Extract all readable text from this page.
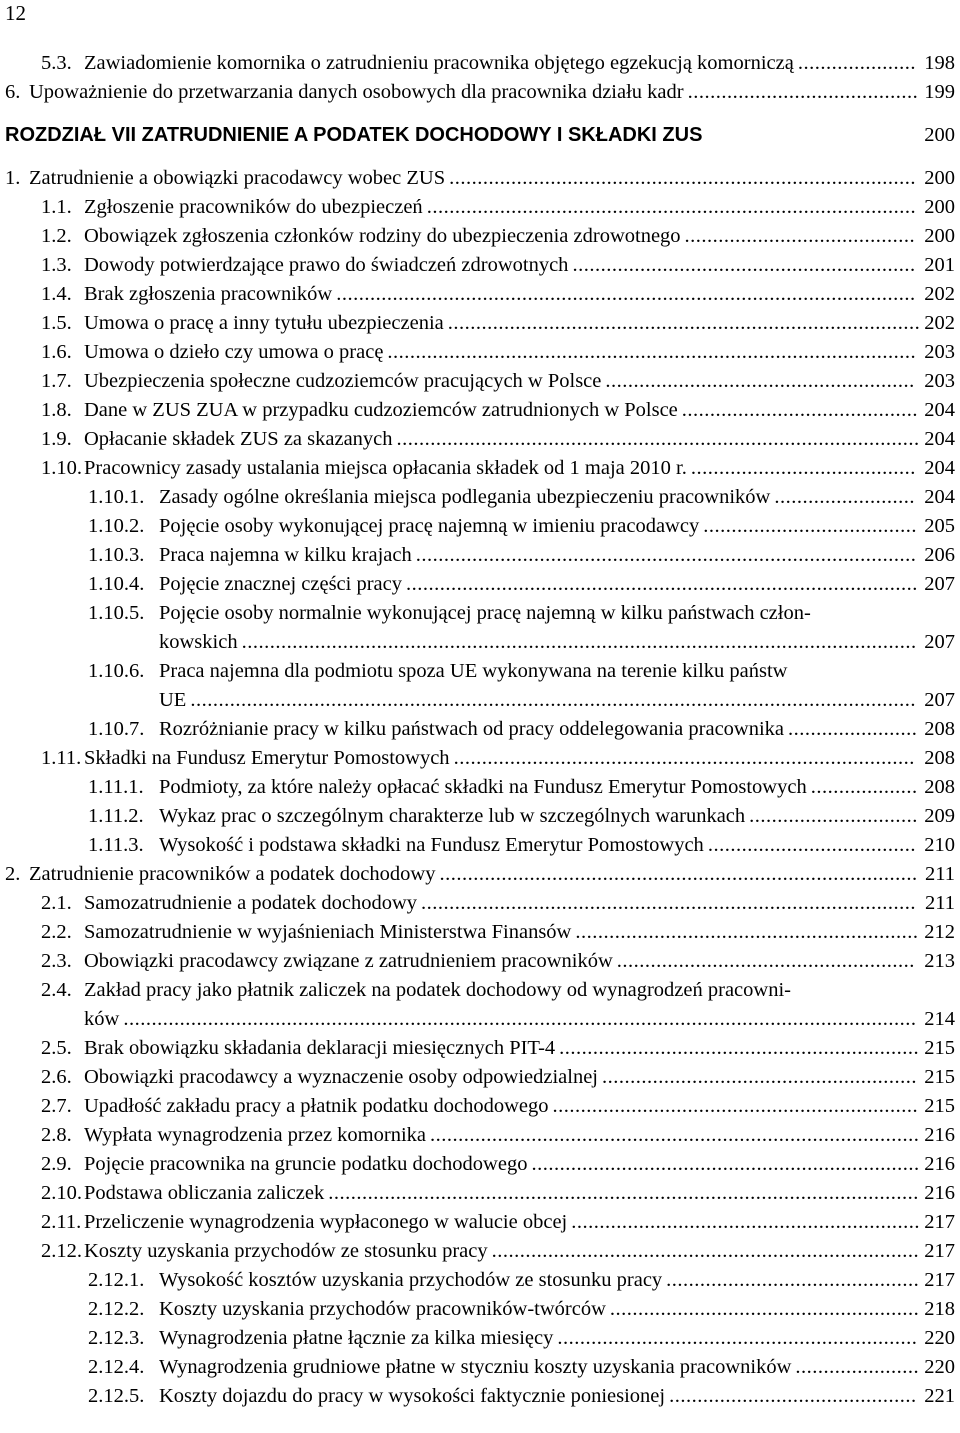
12
5.3. Zawiadomienie komornika o zatrudnieniu pracownika objętego egzekucją komorniczą	198
.....................
6. Upoważnienie do przetwarzania danych osobowych dla pracownika działu kadr	199
.........................................
ROZDZIAŁ VII ZATRUDNIENIE A PODATEK DOCHODOWY I SKŁADKI ZUS	200
1. Zatrudnienie a obowiązki pracodawcy wobec ZUS	200
...................................................................................
1.1. Zgłoszenie pracowników do ubezpieczeń	200
.......................................................................................
1.2. Obowiązek zgłoszenia członków rodziny do ubezpieczenia zdrowotnego	200
.........................................
1.3. Dowody potwierdzające prawo do świadczeń zdrowotnych	201
.............................................................
1.4. Brak zgłoszenia pracowników	202
.......................................................................................................
1.5. Umowa o pracę a inny tytułu ubezpieczenia	202
....................................................................................
1.6. Umowa o dzieło czy umowa o pracę	203
..............................................................................................
1.7. Ubezpieczenia społeczne cudzoziemców pracujących w Polsce	203
.......................................................
1.8. Dane w ZUS ZUA w przypadku cudzoziemców zatrudnionych w Polsce	204
..........................................
1.9. Opłacanie składek ZUS za skazanych	204
.............................................................................................
1.10. Pracownicy zasady ustalania miejsca opłacania składek od 1 maja 2010 r.	204
........................................
1.10.1. Zasady ogólne określania miejsca podlegania ubezpieczeniu pracowników	204
.........................
1.10.2. Pojęcie osoby wykonującej pracę najemną w imieniu pracodawcy	205
......................................
1.10.3. Praca najemna w kilku krajach	206
.........................................................................................
1.10.4. Pojęcie znacznej części pracy	207
...........................................................................................
1.10.5. Pojęcie osoby normalnie wykonującej pracę najemną w kilku państwach człon-
kowskich	207
........................................................................................................................
1.10.6. Praca najemna dla podmiotu spoza UE wykonywana na terenie kilku państw
UE	207
.................................................................................................................................
1.10.7. Rozróżnianie pracy w kilku państwach od pracy oddelegowania pracownika	208
.......................
1.11. Składki na Fundusz Emerytur Pomostowych	208
..................................................................................
1.11.1. Podmioty, za które należy opłacać składki na Fundusz Emerytur Pomostowych	208
...................
1.11.2. Wykaz prac o szczególnym charakterze lub w szczególnych warunkach	209
..............................
1.11.3. Wysokość i podstawa składki na Fundusz Emerytur Pomostowych	210
.....................................
2. Zatrudnienie pracowników a podatek dochodowy	211
.....................................................................................
2.1. Samozatrudnienie a podatek dochodowy	211
........................................................................................
2.2. Samozatrudnienie w wyjaśnieniach Ministerstwa Finansów	212
.............................................................
2.3. Obowiązki pracodawcy związane z zatrudnieniem pracowników	213
.....................................................
2.4. Zakład pracy jako płatnik zaliczek na podatek dochodowy od wynagrodzeń pracowni-
ków	214
.............................................................................................................................................
2.5. Brak obowiązku składania deklaracji miesięcznych PIT-4	215
................................................................
2.6. Obowiązki pracodawcy a wyznaczenie osoby odpowiedzialnej	215
........................................................
2.7. Upadłość zakładu pracy a płatnik podatku dochodowego	215
.................................................................
2.8. Wypłata wynagrodzenia przez komornika	216
.......................................................................................
2.9. Pojęcie pracownika na gruncie podatku dochodowego	216
.....................................................................
2.10. Podstawa obliczania zaliczek	216
.........................................................................................................
2.11. Przeliczenie wynagrodzenia wypłaconego w walucie obcej	217
..............................................................
2.12. Koszty uzyskania przychodów ze stosunku pracy	217
............................................................................
2.12.1. Wysokość kosztów uzyskania przychodów ze stosunku pracy	217
.............................................
2.12.2. Koszty uzyskania przychodów pracowników-twórców	218
.......................................................
2.12.3. Wynagrodzenia płatne łącznie za kilka miesięcy	220
................................................................
2.12.4. Wynagrodzenia grudniowe płatne w styczniu koszty uzyskania pracowników	220
......................
2.12.5. Koszty dojazdu do pracy w wysokości faktycznie poniesionej	221
............................................
